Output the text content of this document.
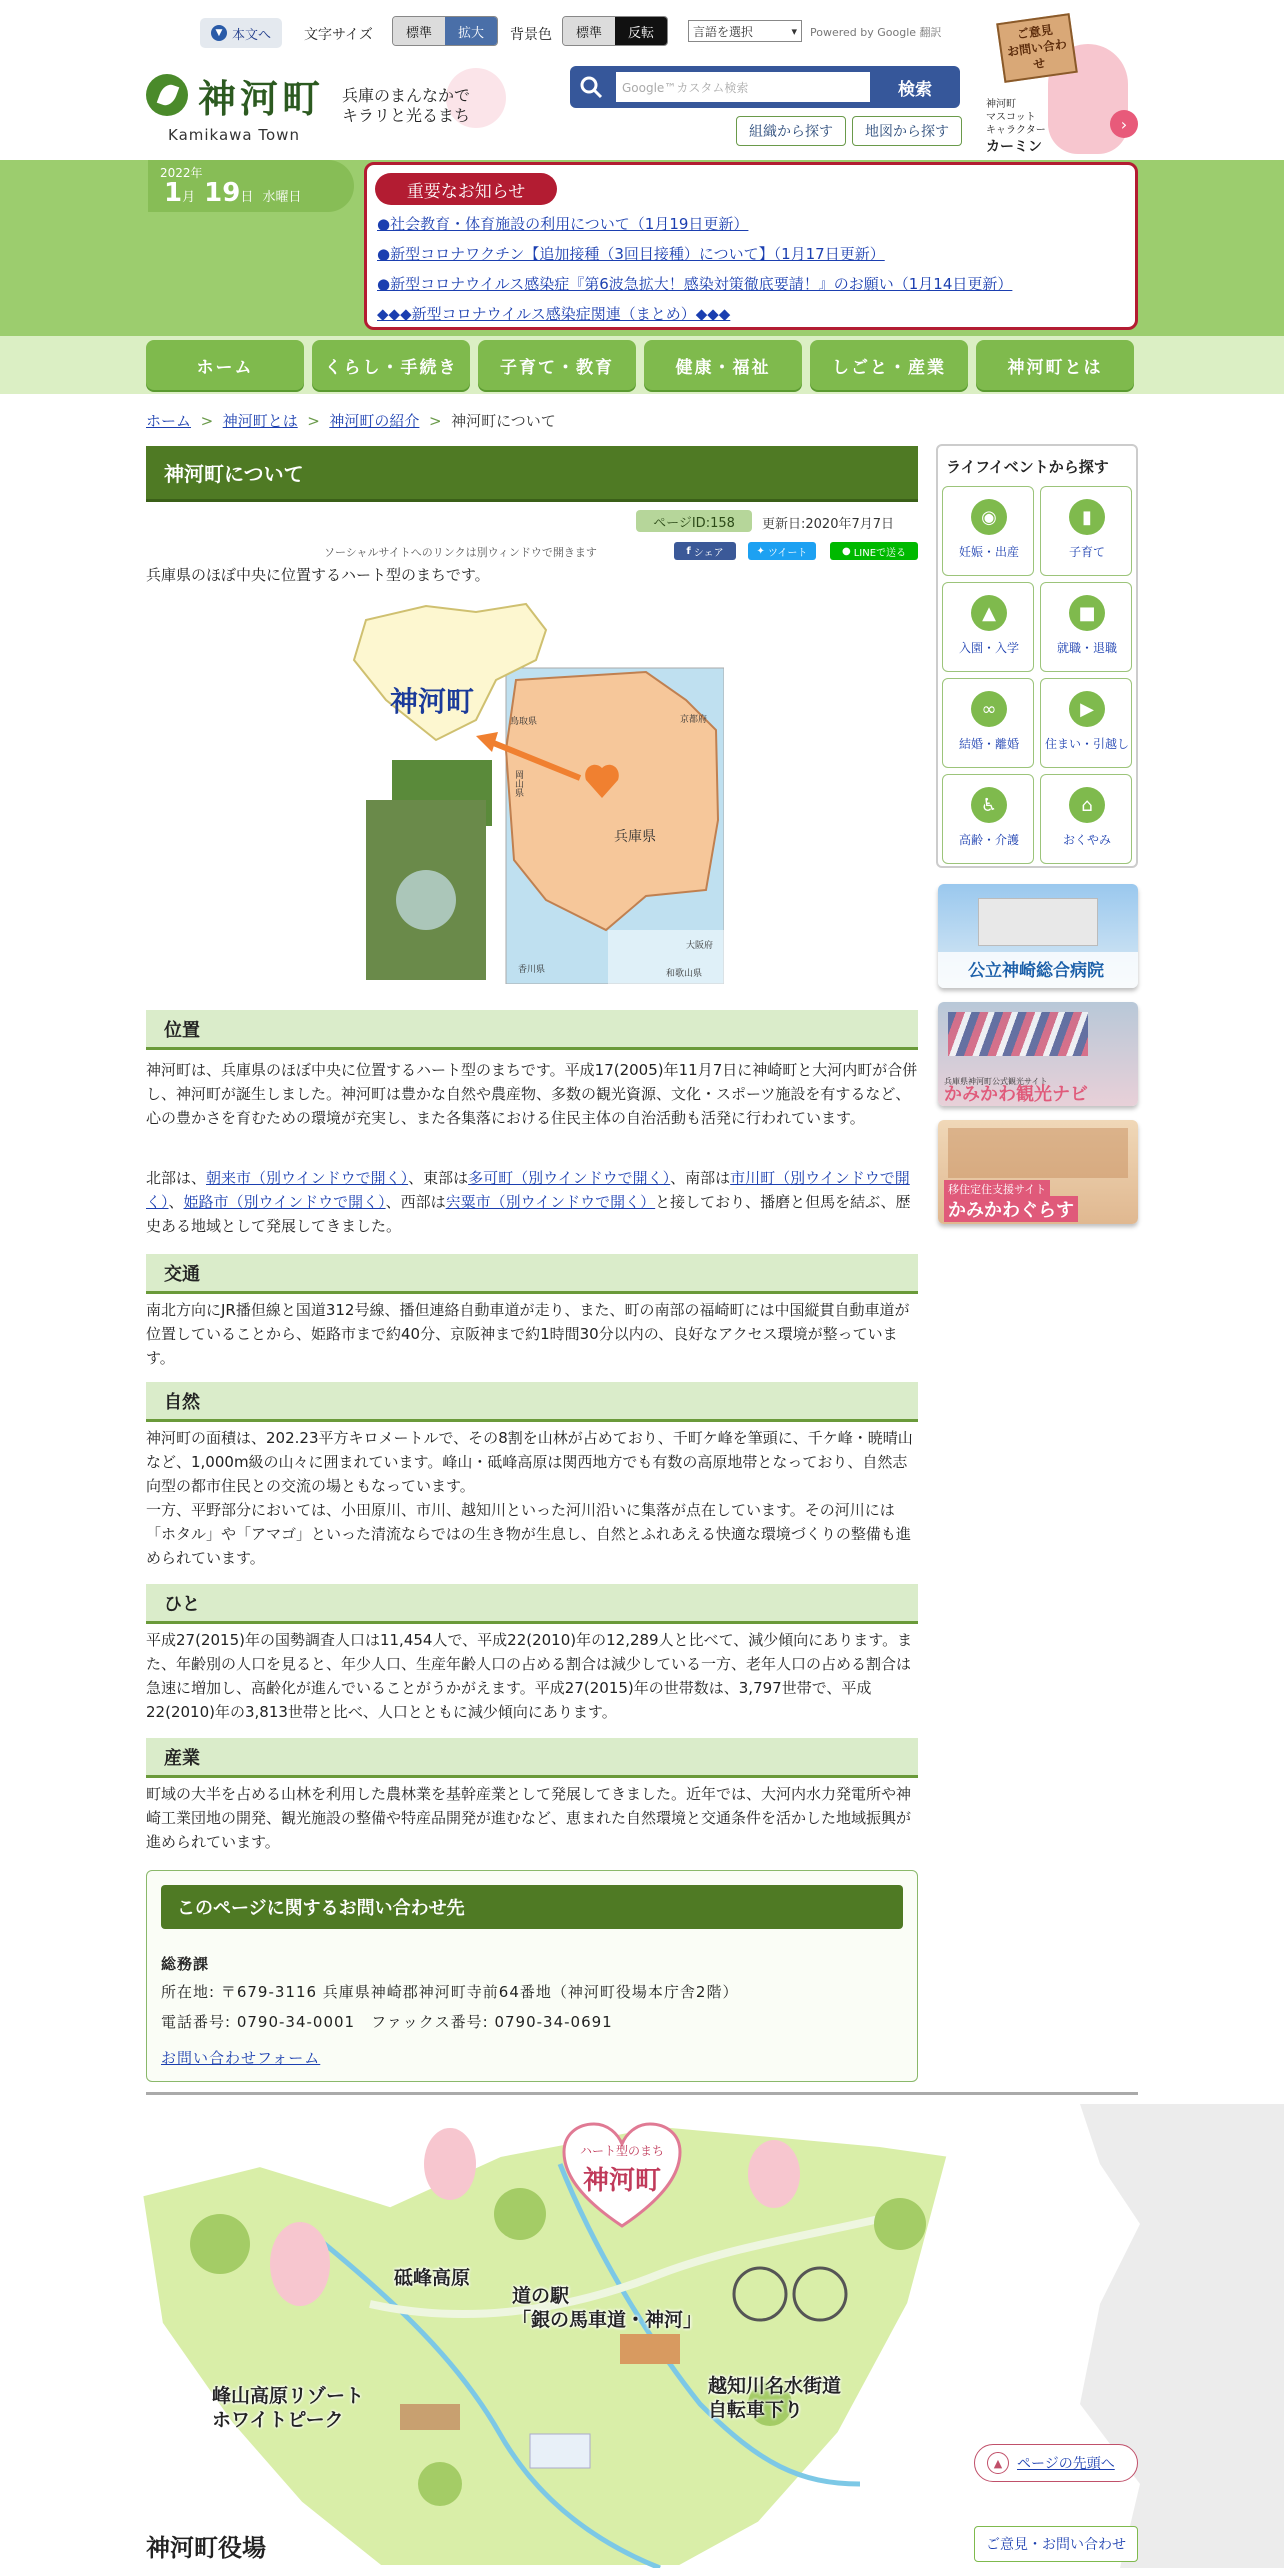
▼ 本文へ 文字サイズ	標準	拡大	背景色	標準	反転	言語を選択 ▾	Powered by Google 翻訳
神河町
Kamikawa Town
兵庫のまんなかで
キラリと光るまち
Google™カスタム検索	検索
組織から探す	地図から探す
ご意見
お問い合わせ
神河町
マスコット
キャラクター
カーミン
›
2022年
1月 19日 水曜日	重要なお知らせ
●社会教育・体育施設の利用について（1月19日更新）
●新型コロナワクチン【追加接種（3回目接種）について】（1月17日更新）
●新型コロナウイルス感染症『第6波急拡大！感染対策徹底要請！』のお願い（1月14日更新）
◆◆◆新型コロナウイルス感染症関連（まとめ）◆◆◆
ホーム	くらし・手続き	子育て・教育	健康・福祉	しごと・産業	神河町とは
ホーム  >  神河町とは  >  神河町の紹介  >  神河町について
神河町について
ページID:158	更新日:2020年7月7日
ソーシャルサイトへのリンクは別ウィンドウで開きます	f シェア	✦ ツイート	● LINEで送る
兵庫県のほぼ中央に位置するハート型のまちです。
神河町
兵庫県
鳥取県	京都府
岡山県
大阪府
香川県	和歌山県
位置
神河町は、兵庫県のほぼ中央に位置するハート型のまちです。平成17(2005)年11月7日に神崎町と大河内町が合併し、神河町が誕生しました。神河町は豊かな自然や農産物、多数の観光資源、文化・スポーツ施設を有するなど、心の豊かさを育むための環境が充実し、また各集落における住民主体の自治活動も活発に行われています。
北部は、朝来市（別ウインドウで開く）、東部は多可町（別ウインドウで開く）、南部は市川町（別ウインドウで開く）、姫路市（別ウインドウで開く）、西部は宍粟市（別ウインドウで開く）と接しており、播磨と但馬を結ぶ、歴史ある地域として発展してきました。
交通
南北方向にJR播但線と国道312号線、播但連絡自動車道が走り、また、町の南部の福崎町には中国縦貫自動車道が位置していることから、姫路市まで約40分、京阪神まで約1時間30分以内の、良好なアクセス環境が整っています。
自然
神河町の面積は、202.23平方キロメートルで、その8割を山林が占めており、千町ケ峰を筆頭に、千ケ峰・暁晴山など、1,000m級の山々に囲まれています。峰山・砥峰高原は関西地方でも有数の高原地帯となっており、自然志向型の都市住民との交流の場ともなっています。
一方、平野部分においては、小田原川、市川、越知川といった河川沿いに集落が点在しています。その河川には「ホタル」や「アマゴ」といった清流ならではの生き物が生息し、自然とふれあえる快適な環境づくりの整備も進められています。
ひと
平成27(2015)年の国勢調査人口は11,454人で、平成22(2010)年の12,289人と比べて、減少傾向にあります。また、年齢別の人口を見ると、年少人口、生産年齢人口の占める割合は減少している一方、老年人口の占める割合は急速に増加し、高齢化が進んでいることがうかがえます。平成27(2015)年の世帯数は、3,797世帯で、平成22(2010)年の3,813世帯と比べ、人口とともに減少傾向にあります。
産業
町域の大半を占める山林を利用した農林業を基幹産業として発展してきました。近年では、大河内水力発電所や神崎工業団地の開発、観光施設の整備や特産品開発が進むなど、恵まれた自然環境と交通条件を活かした地域振興が進められています。
このページに関するお問い合わせ先
総務課
所在地: 〒679-3116 兵庫県神崎郡神河町寺前64番地（神河町役場本庁舎2階）
電話番号: 0790-34-0001　ファックス番号: 0790-34-0691
お問い合わせフォーム
ライフイベントから探す
◉
妊娠・出産
▮
子育て
▲
入園・入学
■
就職・退職
∞
結婚・離婚
▶
住まい・引越し
♿
高齢・介護
⌂
おくやみ
公立神崎総合病院
兵庫県神河町公式観光サイト
かみかわ観光ナビ
移住定住支援サイト
かみかわぐらす
ハート型のまち
神河町
砥峰高原
道の駅
「銀の馬車道・神河」
峰山高原リゾート
ホワイトピーク
越知川名水街道
自転車下り
▲	ページの先頭へ
神河町役場	ご意見・お問い合わせ
